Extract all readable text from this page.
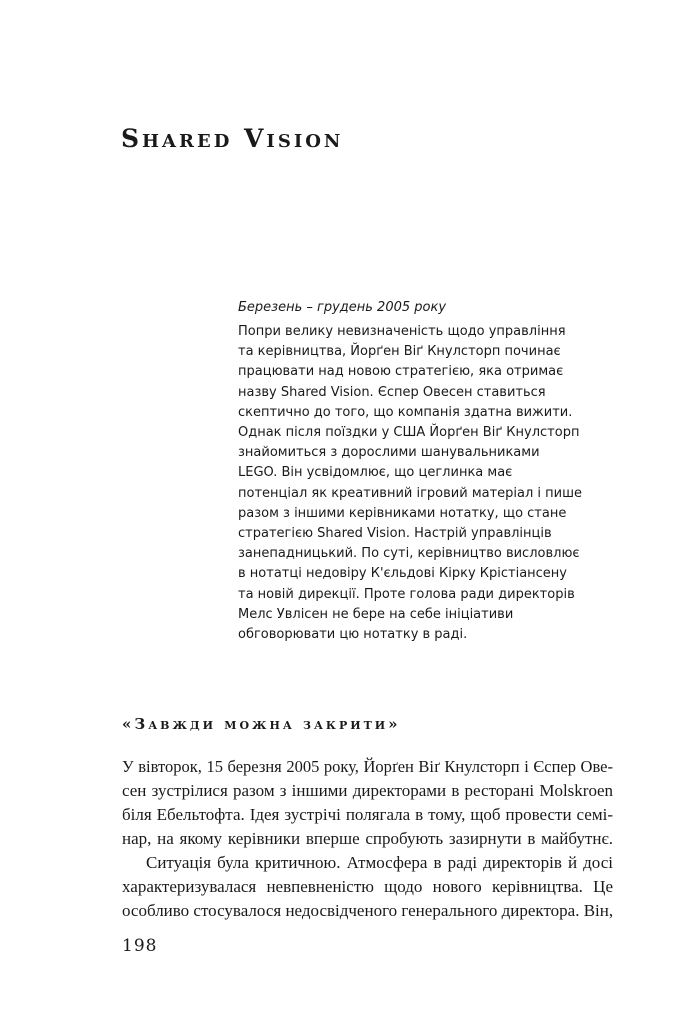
Shared Vision

Березень – грудень 2005 року

Попри велику невизначеність щодо управління
та керівництва, Йорґен Віґ Кнулсторп починає
працювати над новою стратегією, яка отримає
назву Shared Vision. Єспер Овесен ставиться
скептично до того, що компанія здатна вижити.
Однак після поїздки у США Йорґен Віґ Кнулсторп
знайомиться з дорослими шанувальниками
LEGO. Він усвідомлює, що цеглинка має
потенціал як креативний ігровий матеріал і пише
разом з іншими керівниками нотатку, що стане
стратегією Shared Vision. Настрій управлінців
занепадницький. По суті, керівництво висловлює
в нотатці недовіру К'єльдові Кірку Крістіансену
та новій дирекції. Проте голова ради директорів
Мелс Увлісен не бере на себе ініціативи
обговорювати цю нотатку в раді.
«Завжди можна закрити»
У вівторок, 15 березня 2005 року, Йорґен Віґ Кнулсторп і Єспер Ове-
сен зустрілися разом з іншими директорами в ресторані Molskroen
біля Ебельтофта. Ідея зустрічі полягала в тому, щоб провести семі-
нар, на якому керівники вперше спробують зазирнути в майбутнє.
Ситуація була критичною. Атмосфера в раді директорів й досі
характеризувалася невпевненістю щодо нового керівництва. Це
особливо стосувалося недосвідченого генерального директора. Він,
198
